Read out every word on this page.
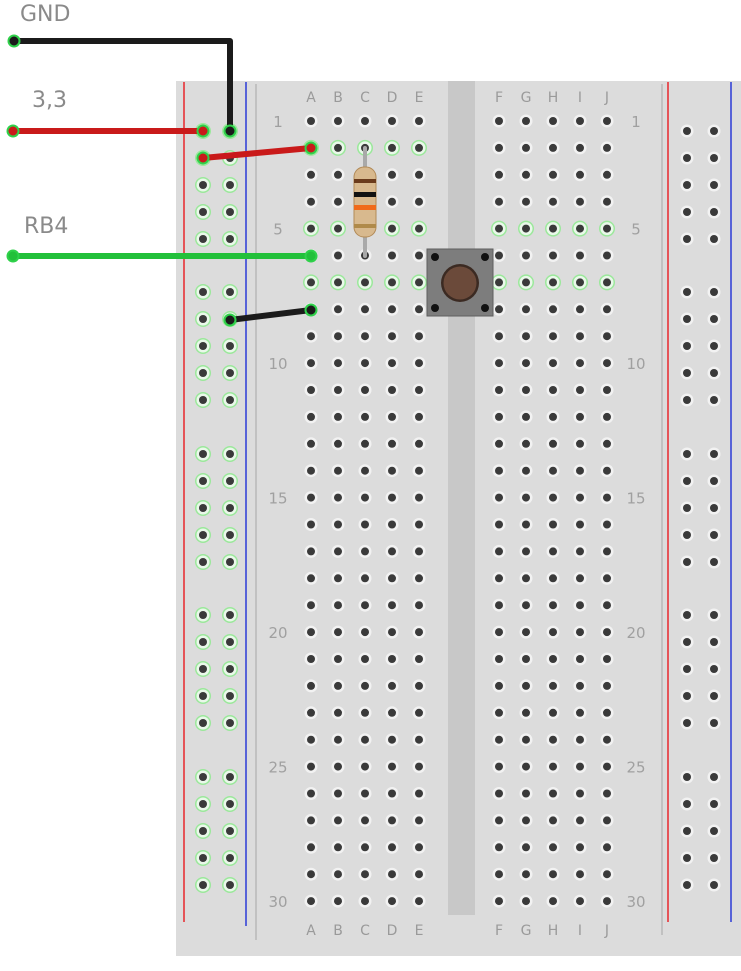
A
A
B
B
C
C
D
D
E
E
F
F
G
G
H
H
I
I
J
J
1	1
5	5
10	10
15	15
20	20
25	25
30	30
GND
3,3
RB4
